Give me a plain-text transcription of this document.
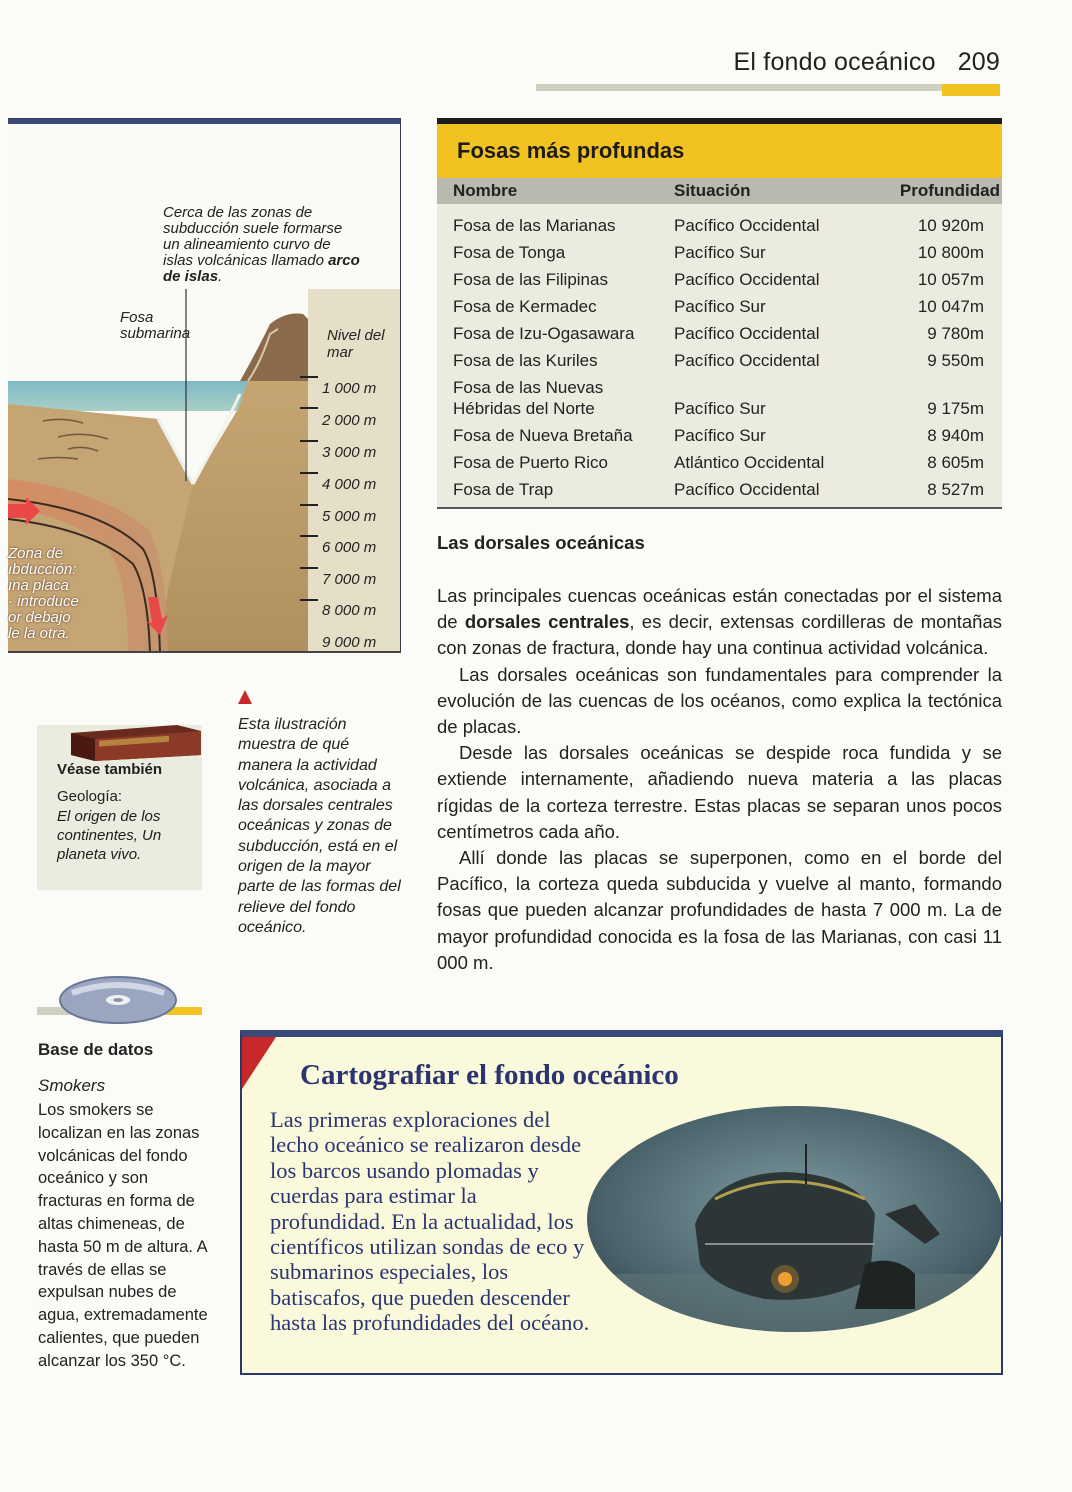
El fondo oceánico 209
Cerca de las zonas de subducción suele formarse un alineamiento curvo de islas volcánicas llamado arco de islas.
Fosa submarina	Nivel del mar
1 000 m
2 000 m
3 000 m
4 000 m
5 000 m
6 000 m
7 000 m
8 000 m
9 000 m
Zona de
ıbducción:
ına placa
· introduce
or debajo
le la otra.
Esta ilustración muestra de qué manera la actividad volcánica, asociada a las dorsales centrales oceánicas y zonas de subducción, está en el origen de la mayor parte de las formas del relieve del fondo oceánico.
Véase también
Geología:
El origen de los continentes, Un planeta vivo.
Base de datos
Smokers
Los smokers se localizan en las zonas volcánicas del fondo oceánico y son fracturas en forma de altas chimeneas, de hasta 50 m de altura. A través de ellas se expulsan nubes de agua, extremadamente calientes, que pueden alcanzar los 350 °C.
Fosas más profundas
Nombre	Situación	Profundidad
Fosa de las Marianas	Pacífico Occidental	10 920m
Fosa de Tonga	Pacífico Sur	10 800m
Fosa de las Filipinas	Pacífico Occidental	10 057m
Fosa de Kermadec	Pacífico Sur	10 047m
Fosa de Izu-Ogasawara	Pacífico Occidental	9 780m
Fosa de las Kuriles	Pacífico Occidental	9 550m
Fosa de las Nuevas Hébridas del Norte	Pacífico Sur	9 175m
Fosa de Nueva Bretaña	Pacífico Sur	8 940m
Fosa de Puerto Rico	Atlántico Occidental	8 605m
Fosa de Trap	Pacífico Occidental	8 527m
Las dorsales oceánicas

Las principales cuencas oceánicas están conectadas por el sistema de dorsales centrales, es decir, extensas cordilleras de montañas con zonas de fractura, donde hay una continua actividad volcánica.

Las dorsales oceánicas son fundamentales para comprender la evolución de las cuencas de los océanos, como explica la tectónica de placas.

Desde las dorsales oceánicas se despide roca fundida y se extiende internamente, añadiendo nueva materia a las placas rígidas de la corteza terrestre. Estas placas se separan unos pocos centímetros cada año.

Allí donde las placas se superponen, como en el borde del Pacífico, la corteza queda subducida y vuelve al manto, formando fosas que pueden alcanzar profundidades de hasta 7 000 m. La de mayor profundidad conocida es la fosa de las Marianas, con casi 11 000 m.

Cartografiar el fondo oceánico
Las primeras exploraciones del lecho oceánico se realizaron desde los barcos usando plomadas y cuerdas para estimar la profundidad. En la actualidad, los científicos utilizan sondas de eco y submarinos especiales, los batiscafos, que pueden descender hasta las profundidades del océano.
